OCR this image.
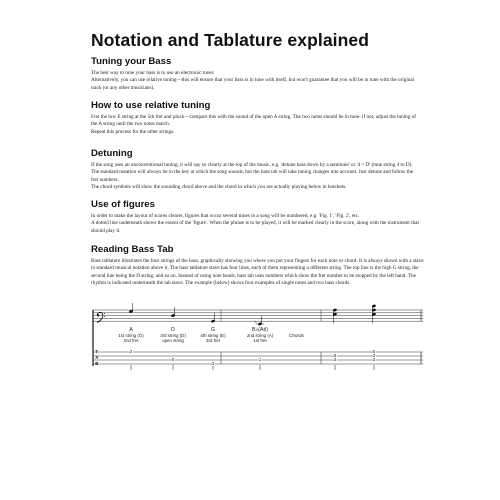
Notation and Tablature explained
Tuning your Bass

The best way to tune your bass is to use an electronic tuner.

Alternatively, you can use relative tuning—this will ensure that your bass is in tune with itself, but won't guarantee that you will be in tune with the original track (or any other musicians).

How to use relative tuning

Fret the low E string at the 5th fret and pluck—compare this with the sound of the open A string. The two notes should be in tune- if not, adjust the tuning of the A string until the two notes match.

Repeat this process for the other strings.

Detuning

If the song uses an unconventional tuning, it will say so clearly at the top of the music, e.g. 'detune bass down by a semitone' or '4 = D' (tune string 4 to D). The standard notation will always be in the key at which the song sounds, but the bass tab will take tuning changes into account. Just detune and follow the fret numbers.

The chord symbols will show the sounding chord above and the chord in which you are actually playing below in brackets.

Use of figures

In order to make the layout of scores clearer, figures that occur several times in a song will be numbered, e.g. 'Fig. 1', 'Fig. 2', etc.

A dotted line underneath shows the extent of the 'figure'. When the phrase is to be played, it will be marked clearly in the score, along with the instrument that should play it.

Reading Bass Tab

Bass tablature illustrates the four strings of the bass, graphically showing you where you put your fingers for each note or chord. It is always shown with a stave in standard musical notation above it. The bass tablature stave has four lines, each of them representing a different string. The top line is the high G string, the second line being the D string, and so on. Instead of using note heads, bass tab uses numbers which show the fret number to be stopped by the left hand. The rhythm is indicated underneath the tab stave. The example (below) shows four examples of single notes and two bass chords.

♭
T
A
B
A
1st string (G)
2nd fret
D
3rd string (D)
open string
G
4th string (E)
3rd fret
B♭(A♯)
2nd string (A)
1st fret
Chords
2
0
3
1
5
3
5
3
3
